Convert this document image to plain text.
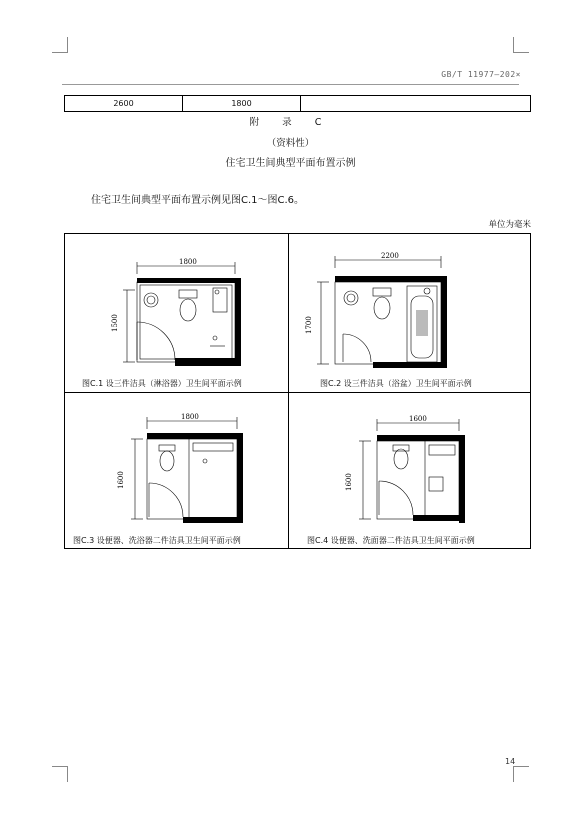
GB/T 11977—202×
2600	1800	
附 录 C
（资料性）
住宅卫生间典型平面布置示例
住宅卫生间典型平面布置示例见图C.1～图C.6。
单位为毫米
1800
1500
图C.1 设三件洁具（淋浴器）卫生间平面示例
2200
1700
图C.2 设三件洁具（浴盆）卫生间平面示例
1800
1600
图C.3 设便器、洗浴器二件洁具卫生间平面示例
1600
1600
图C.4 设便器、洗面器二件洁具卫生间平面示例
14
